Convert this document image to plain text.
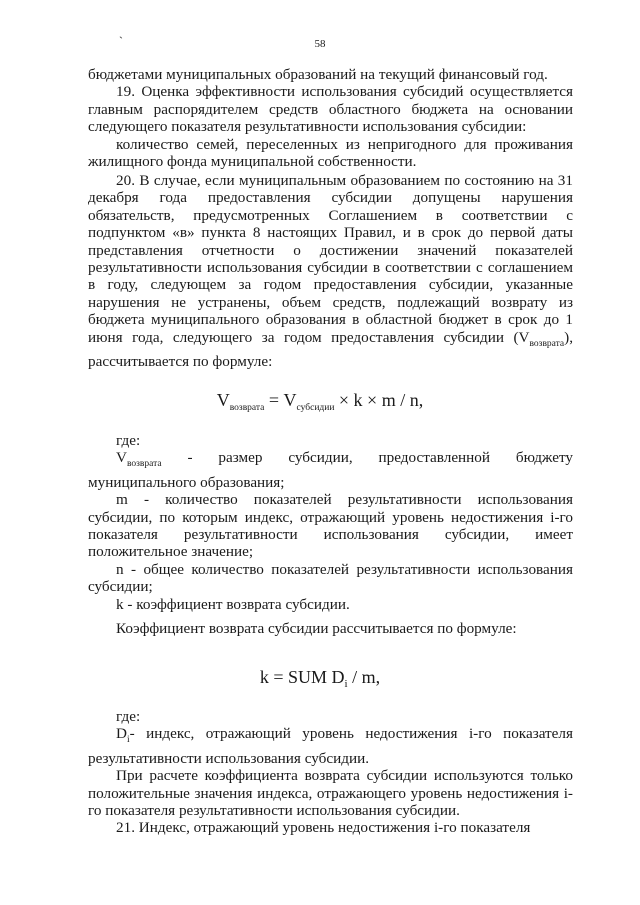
`	58

бюджетами муниципальных образований на текущий финансовый год.

19. Оценка эффективности использования субсидий осуществляется главным распорядителем средств областного бюджета на основании следующего показателя результативности использования субсидии:

количество семей, переселенных из непригодного для проживания жилищного фонда муниципальной собственности.

20. В случае, если муниципальным образованием по состоянию на 31 декабря года предоставления субсидии допущены нарушения обязательств, предусмотренных Соглашением в соответствии с подпунктом «в» пункта 8 настоящих Правил, и в срок до первой даты представления отчетности о достижении значений показателей результативности использования субсидии в соответствии с соглашением в году, следующем за годом предоставления субсидии, указанные нарушения не устранены, объем средств, подлежащий возврату из бюджета муниципального образования в областной бюджет в срок до 1 июня года, следующего за годом предоставления субсидии $(V_{возврата})$, рассчитывается по формуле:

$V_{возврата} = V_{субсидии} \times k \times m / n$,

где:

$V_{возврата}$ - размер субсидии, предоставленной бюджету муниципального образования;

m - количество показателей результативности использования субсидии, по которым индекс, отражающий уровень недостижения i-го показателя результативности использования субсидии, имеет положительное значение;

n - общее количество показателей результативности использования субсидии;

k - коэффициент возврата субсидии.

Коэффициент возврата субсидии рассчитывается по формуле:

k = SUM $D_i$ / m,

где:

$D_i-$ индекс, отражающий уровень недостижения i-го показателя результативности использования субсидии.

При расчете коэффициента возврата субсидии используются только положительные значения индекса, отражающего уровень недостижения i-го показателя результативности использования субсидии.

21. Индекс, отражающий уровень недостижения i-го показателя
